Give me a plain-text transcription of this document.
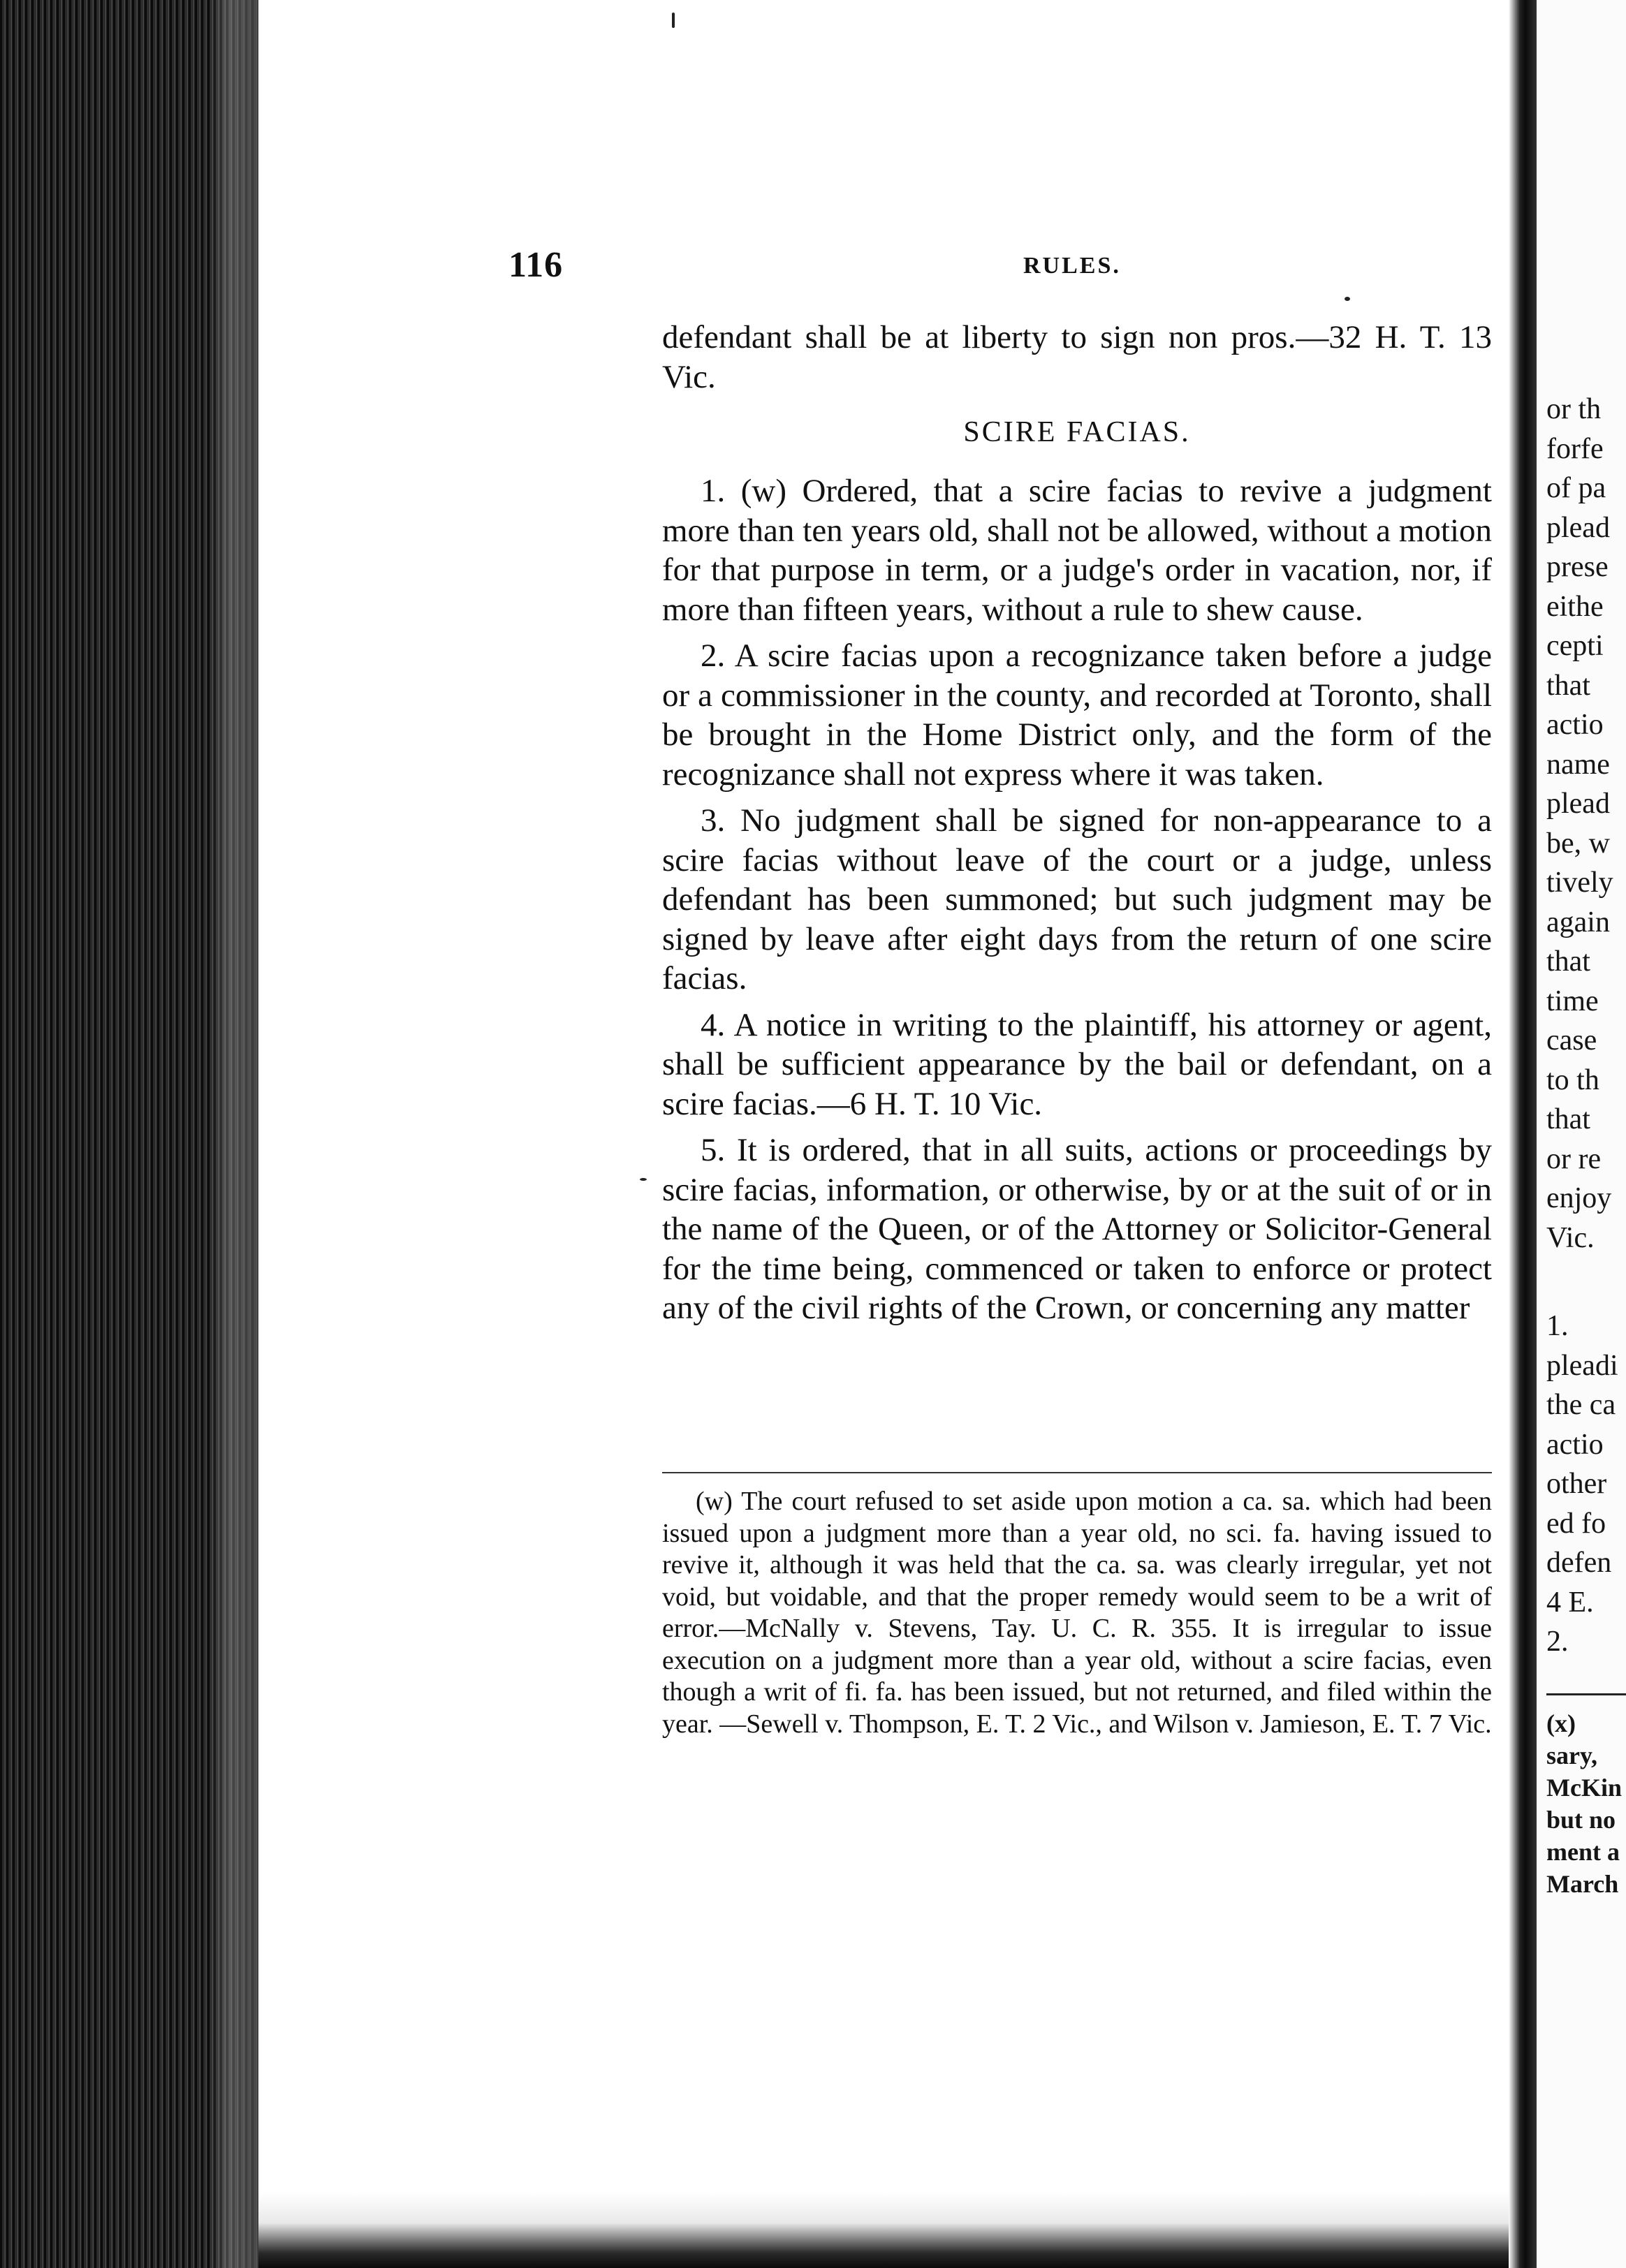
116	RULES.

defendant shall be at liberty to sign non pros.—32 H. T. 13 Vic.

SCIRE FACIAS.

1. (w) Ordered, that a scire facias to revive a judgment more than ten years old, shall not be allowed, without a motion for that purpose in term, or a judge's order in vacation, nor, if more than fifteen years, without a rule to shew cause.

2. A scire facias upon a recognizance taken before a judge or a commissioner in the county, and recorded at Toronto, shall be brought in the Home District only, and the form of the recognizance shall not express where it was taken.

3. No judgment shall be signed for non-appearance to a scire facias without leave of the court or a judge, unless defendant has been summoned; but such judgment may be signed by leave after eight days from the return of one scire facias.

4. A notice in writing to the plaintiff, his attorney or agent, shall be sufficient appearance by the bail or defendant, on a scire facias.—6 H. T. 10 Vic.

5. It is ordered, that in all suits, actions or proceedings by scire facias, information, or otherwise, by or at the suit of or in the name of the Queen, or of the Attorney or Solicitor-General for the time being, commenced or taken to enforce or protect any of the civil rights of the Crown, or concerning any matter

(w) The court refused to set aside upon motion a ca. sa. which had been issued upon a judgment more than a year old, no sci. fa. having issued to revive it, although it was held that the ca. sa. was clearly irregular, yet not void, but voidable, and that the proper remedy would seem to be a writ of error.—McNally v. Stevens, Tay. U. C. R. 355. It is irregular to issue execution on a judgment more than a year old, without a scire facias, even though a writ of fi. fa. has been issued, but not returned, and filed within the year. —Sewell v. Thompson, E. T. 2 Vic., and Wilson v. Jamieson, E. T. 7 Vic.

or th
forfe
of pa
plead
prese
eithe
cepti
that
actio
name
plead
be, w
tively
again
that
time
case
to th
that
or re
enjoy
Vic.
1.
pleadi
the ca
actio
other
ed fo
defen
4 E.
2.
(x)
sary,
McKin
but no
ment a
March
